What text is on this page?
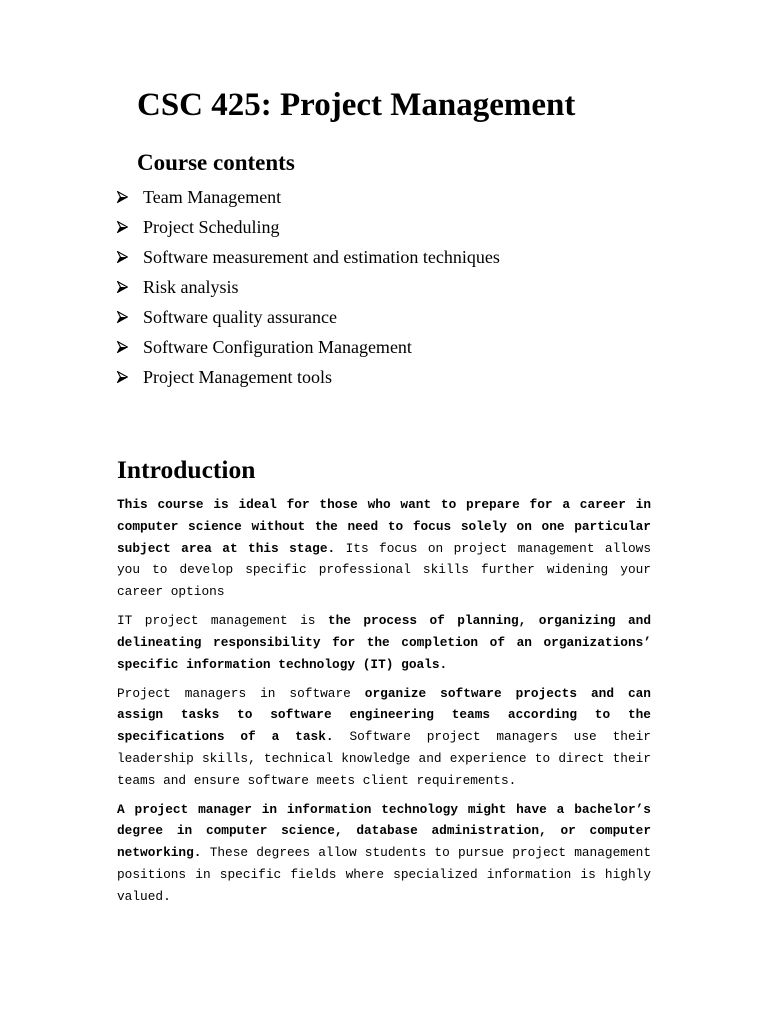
CSC 425: Project Management
Course contents
Team Management
Project Scheduling
Software measurement and estimation techniques
Risk analysis
Software quality assurance
Software Configuration Management
Project Management tools
Introduction

This course is ideal for those who want to prepare for a career in computer science without the need to focus solely on one particular subject area at this stage. Its focus on project management allows you to develop specific professional skills further widening your career options

IT project management is the process of planning, organizing and delineating responsibility for the completion of an organizations’ specific information technology (IT) goals.

Project managers in software organize software projects and can assign tasks to software engineering teams according to the specifications of a task. Software project managers use their leadership skills, technical knowledge and experience to direct their teams and ensure software meets client requirements.

A project manager in information technology might have a bachelor’s degree in computer science, database administration, or computer networking. These degrees allow students to pursue project management positions in specific fields where specialized information is highly valued.
